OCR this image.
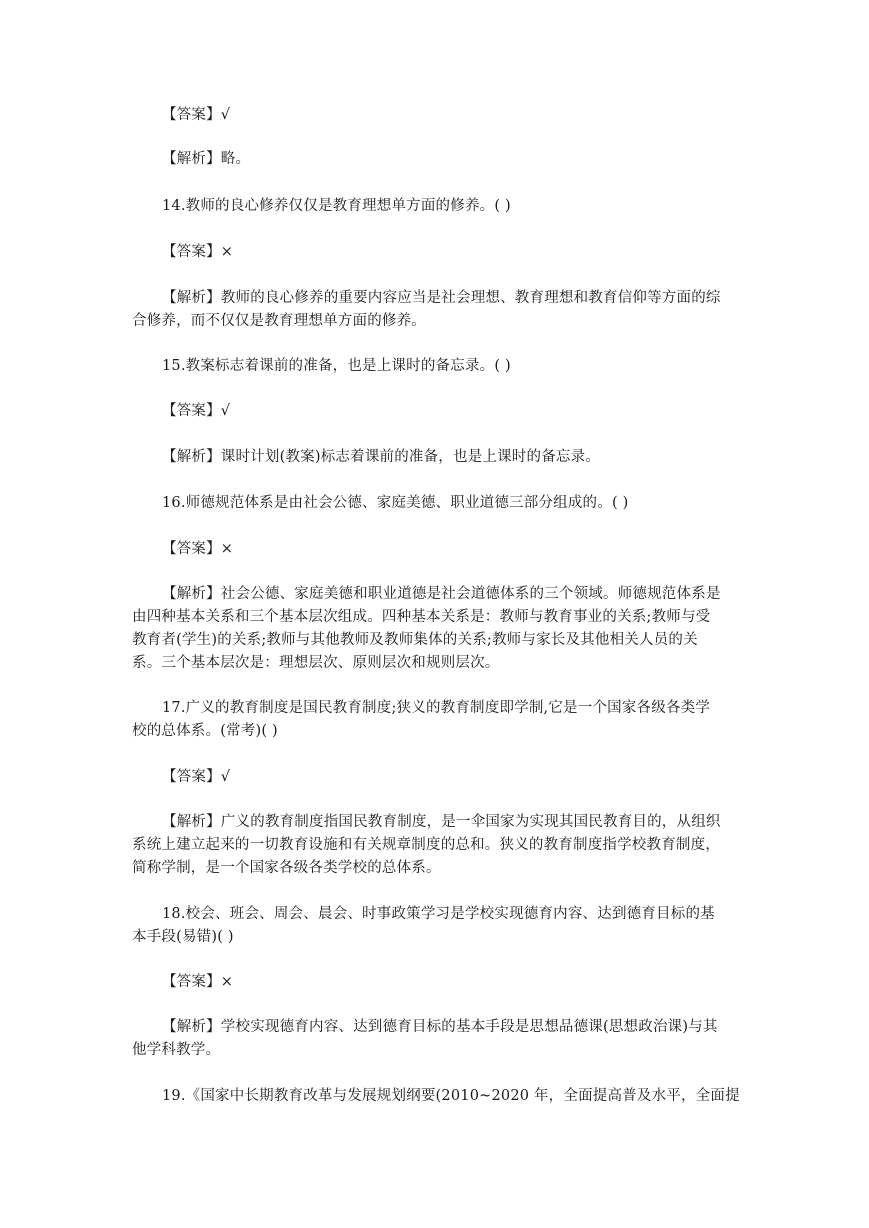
【答案】√
【解析】略。
14.教师的良心修养仅仅是教育理想单方面的修养。( )
【答案】×
【解析】教师的良心修养的重要内容应当是社会理想、教育理想和教育信仰等方面的综
合修养，而不仅仅是教育理想单方面的修养。
15.教案标志着课前的准备，也是上课时的备忘录。( )
【答案】√
【解析】课时计划(教案)标志着课前的准备，也是上课时的备忘录。
16.师德规范体系是由社会公德、家庭美德、职业道德三部分组成的。( )
【答案】×
【解析】社会公德、家庭美德和职业道德是社会道德体系的三个领域。师德规范体系是
由四种基本关系和三个基本层次组成。四种基本关系是：教师与教育事业的关系;教师与受
教育者(学生)的关系;教师与其他教师及教师集体的关系;教师与家长及其他相关人员的关
系。三个基本层次是：理想层次、原则层次和规则层次。
17.广义的教育制度是国民教育制度;狭义的教育制度即学制,它是一个国家各级各类学
校的总体系。(常考)( )
【答案】√
【解析】广义的教育制度指国民教育制度，是一伞国家为实现其国民教育目的，从组织
系统上建立起来的一切教育设施和有关规章制度的总和。狭义的教育制度指学校教育制度，
简称学制，是一个国家各级各类学校的总体系。
18.校会、班会、周会、晨会、时事政策学习是学校实现德育内容、达到德育目标的基
本手段(易错)( )
【答案】×
【解析】学校实现德育内容、达到德育目标的基本手段是思想品德课(思想政治课)与其
他学科教学。
19.《国家中长期教育改革与发展规划纲要(2010~2020 年，全面提高普及水平，全面提
